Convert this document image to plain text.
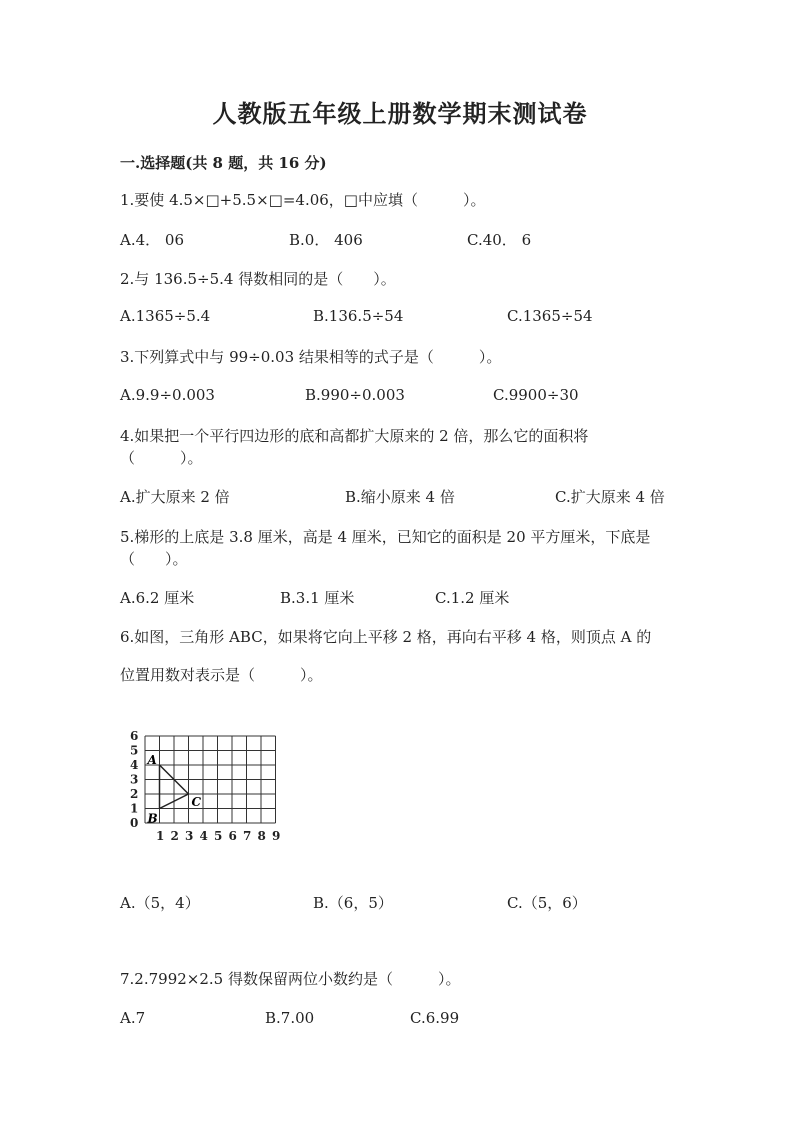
人教版五年级上册数学期末测试卷
一.选择题(共 8 题，共 16 分)
1.要使 4.5×□+5.5×□=4.06，□中应填（　　　）。
A.4． 06	B.0． 406	C.40． 6
2.与 136.5÷5.4 得数相同的是（　　）。
A.1365÷5.4	B.136.5÷54	C.1365÷54
3.下列算式中与 99÷0.03 结果相等的式子是（　　　）。
A.9.9÷0.003	B.990÷0.003	C.9900÷30
4.如果把一个平行四边形的底和高都扩大原来的 2 倍，那么它的面积将
（　　　）。
A.扩大原来 2 倍	B.缩小原来 4 倍	C.扩大原来 4 倍
5.梯形的上底是 3.8 厘米，高是 4 厘米，已知它的面积是 20 平方厘米，下底是
（　　）。
A.6.2 厘米	B.3.1 厘米	C.1.2 厘米
6.如图，三角形 ABC，如果将它向上平移 2 格，再向右平移 4 格，则顶点 A 的
位置用数对表示是（　　　）。
1 2 3 4 5 6 7 8 9
0
1
2
3
4
5
6
A
B
C
A.（5，4）	B.（6，5）	C.（5，6）
7.2.7992×2.5 得数保留两位小数约是（　　　）。
A.7	B.7.00	C.6.99
